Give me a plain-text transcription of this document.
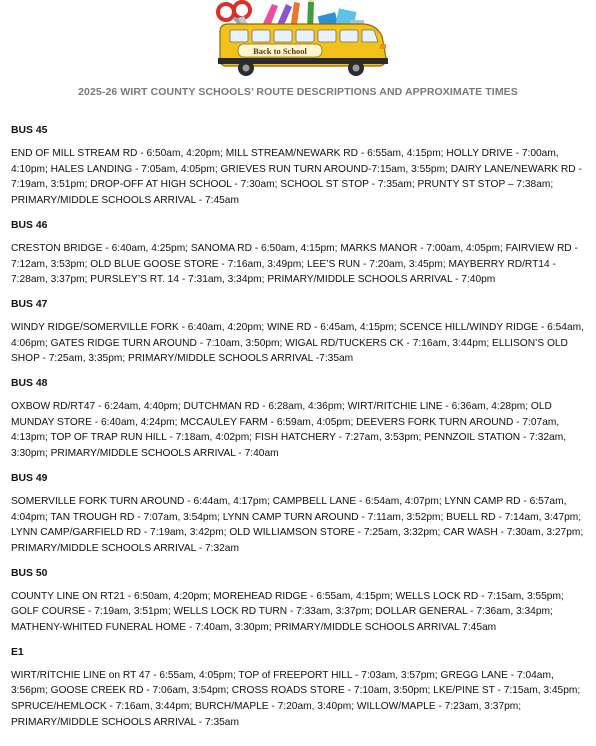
Back to School
2025-26 WIRT COUNTY SCHOOLS’ ROUTE DESCRIPTIONS AND APPROXIMATE TIMES
BUS 45
END OF MILL STREAM RD - 6:50am, 4:20pm; MILL STREAM/NEWARK RD - 6:55am, 4:15pm; HOLLY DRIVE - 7:00am, 4:10pm; HALES LANDING - 7:05am, 4:05pm; GRIEVES RUN TURN AROUND-7:15am, 3:55pm; DAIRY LANE/NEWARK RD - 7:19am, 3:51pm; DROP-OFF AT HIGH SCHOOL - 7:30am; SCHOOL ST STOP - 7:35am; PRUNTY ST STOP – 7:38am; PRIMARY/MIDDLE SCHOOLS ARRIVAL - 7:45am
BUS 46
CRESTON BRIDGE - 6:40am, 4:25pm; SANOMA RD - 6:50am, 4:15pm; MARKS MANOR - 7:00am, 4:05pm; FAIRVIEW RD - 7:12am, 3:53pm; OLD BLUE GOOSE STORE - 7:16am, 3:49pm; LEE’S RUN - 7:20am, 3:45pm; MAYBERRY RD/RT14 - 7:28am, 3:37pm; PURSLEY’S RT. 14 - 7:31am, 3:34pm; PRIMARY/MIDDLE SCHOOLS ARRIVAL - 7:40pm
BUS 47
WINDY RIDGE/SOMERVILLE FORK - 6:40am, 4:20pm; WINE RD - 6:45am, 4:15pm; SCENCE HILL/WINDY RIDGE - 6:54am, 4:06pm; GATES RIDGE TURN AROUND - 7:10am, 3:50pm; WIGAL RD/TUCKERS CK - 7:16am, 3:44pm; ELLISON’S OLD SHOP - 7:25am, 3:35pm; PRIMARY/MIDDLE SCHOOLS ARRIVAL -7:35am
BUS 48
OXBOW RD/RT47 - 6:24am, 4:40pm; DUTCHMAN RD - 6:28am, 4:36pm; WIRT/RITCHIE LINE - 6:36am, 4:28pm; OLD MUNDAY STORE - 6:40am, 4:24pm; MCCAULEY FARM - 6:59am, 4:05pm; DEEVERS FORK TURN AROUND - 7:07am, 4:13pm; TOP OF TRAP RUN HILL - 7:18am, 4:02pm; FISH HATCHERY - 7:27am, 3:53pm; PENNZOIL STATION - 7:32am, 3:30pm; PRIMARY/MIDDLE SCHOOLS ARRIVAL - 7:40am
BUS 49
SOMERVILLE FORK TURN AROUND - 6:44am, 4:17pm; CAMPBELL LANE - 6:54am, 4:07pm; LYNN CAMP RD - 6:57am, 4:04pm; TAN TROUGH RD - 7:07am, 3:54pm; LYNN CAMP TURN AROUND - 7:11am, 3:52pm; BUELL RD - 7:14am, 3:47pm; LYNN CAMP/GARFIELD RD - 7:19am, 3:42pm; OLD WILLIAMSON STORE - 7:25am, 3:32pm; CAR WASH - 7:30am, 3:27pm; PRIMARY/MIDDLE SCHOOLS ARRIVAL - 7:32am
BUS 50
COUNTY LINE ON RT21 - 6:50am, 4:20pm; MOREHEAD RIDGE - 6:55am, 4:15pm; WELLS LOCK RD - 7:15am, 3:55pm; GOLF COURSE - 7:19am, 3:51pm; WELLS LOCK RD TURN - 7:33am, 3:37pm; DOLLAR GENERAL - 7:36am, 3:34pm; MATHENY-WHITED FUNERAL HOME - 7:40am, 3:30pm; PRIMARY/MIDDLE SCHOOLS ARRIVAL 7:45am
E1
WIRT/RITCHIE LINE on RT 47 - 6:55am, 4:05pm; TOP of FREEPORT HILL - 7:03am, 3:57pm; GREGG LANE - 7:04am, 3:56pm; GOOSE CREEK RD - 7:06am, 3:54pm; CROSS ROADS STORE - 7:10am, 3:50pm; LKE/PINE ST - 7:15am, 3:45pm; SPRUCE/HEMLOCK - 7:16am, 3:44pm; BURCH/MAPLE - 7:20am, 3:40pm; WILLOW/MAPLE - 7:23am, 3:37pm; PRIMARY/MIDDLE SCHOOLS ARRIVAL - 7:35am
